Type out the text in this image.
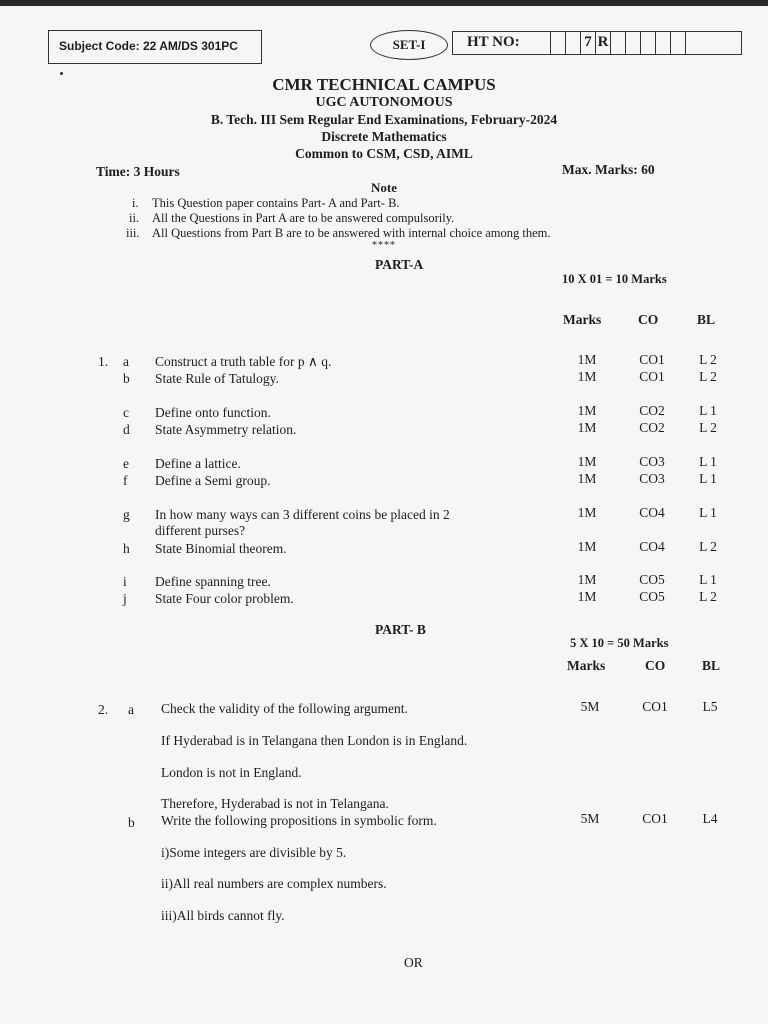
Subject Code: 22 AM/DS 301PC	SET-I	HT NO:	7 R
CMR TECHNICAL CAMPUS
UGC AUTONOMOUS
B. Tech. III Sem Regular End Examinations, February-2024
Discrete Mathematics
Common to CSM, CSD, AIML
Time: 3 Hours	Max. Marks: 60
Note
i. This Question paper contains Part- A and Part- B.
ii. All the Questions in Part A are to be answered compulsorily.
iii. All Questions from Part B are to be answered with internal choice among them.
****
PART-A
10 X 01 = 10 Marks
Marks	CO	BL
1. a Construct a truth table for p ∧ q.	1M	CO1	L 2
b State Rule of Tatulogy.	1M	CO1	L 2
c Define onto function.	1M	CO2	L 1
d State Asymmetry relation.	1M	CO2	L 2
e Define a lattice.	1M	CO3	L 1
f Define a Semi group.	1M	CO3	L 1
g In how many ways can 3 different coins be placed in 2
different purses?
1M	CO4	L 1
h State Binomial theorem.	1M	CO4	L 2
i Define spanning tree.	1M	CO5	L 1
j State Four color problem.	1M	CO5	L 2
PART- B
5 X 10 = 50 Marks
Marks	CO	BL
2. a Check the validity of the following argument.	5M	CO1	L5
If Hyderabad is in Telangana then London is in England.
London is not in England.
Therefore, Hyderabad is not in Telangana.
b Write the following propositions in symbolic form.	5M	CO1	L4
i)Some integers are divisible by 5.
ii)All real numbers are complex numbers.
iii)All birds cannot fly.
OR
